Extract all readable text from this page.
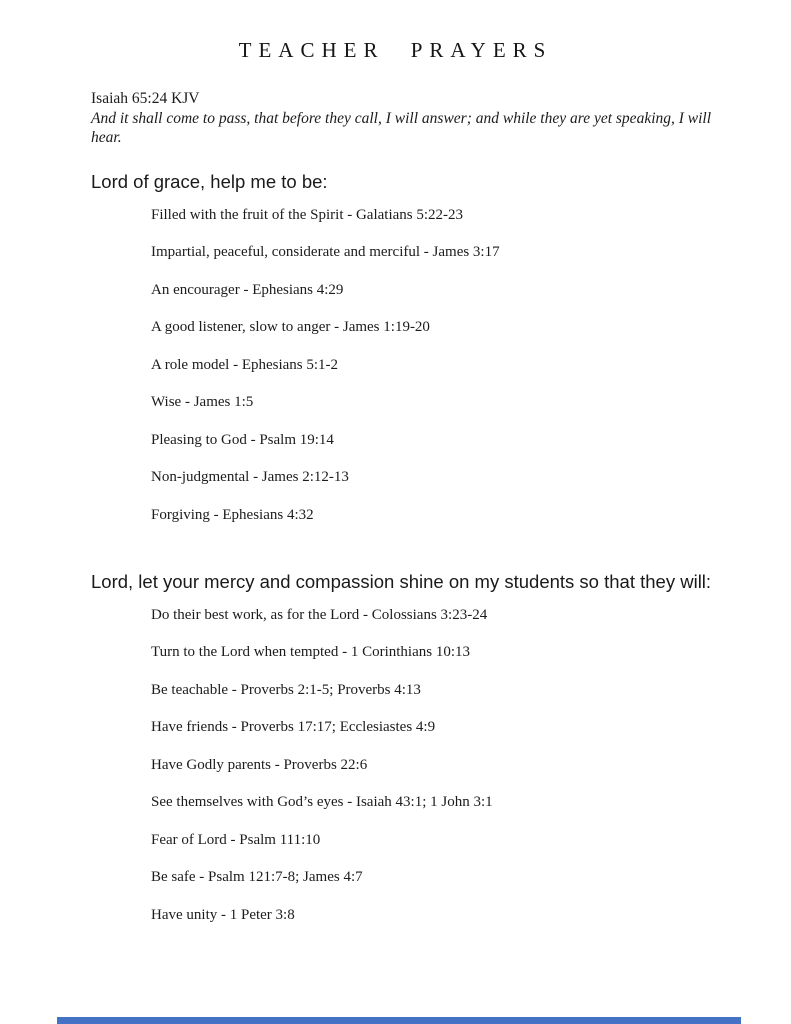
TEACHER PRAYERS
Isaiah 65:24 KJV
And it shall come to pass, that before they call, I will answer; and while they are yet speaking, I will hear.
Lord of grace, help me to be:
Filled with the fruit of the Spirit - Galatians 5:22-23
Impartial, peaceful, considerate and merciful - James 3:17
An encourager - Ephesians 4:29
A good listener, slow to anger - James 1:19-20
A role model - Ephesians 5:1-2
Wise - James 1:5
Pleasing to God - Psalm 19:14
Non-judgmental - James 2:12-13
Forgiving - Ephesians 4:32
Lord, let your mercy and compassion shine on my students so that they will:
Do their best work, as for the Lord - Colossians 3:23-24
Turn to the Lord when tempted - 1 Corinthians 10:13
Be teachable - Proverbs 2:1-5; Proverbs 4:13
Have friends - Proverbs 17:17; Ecclesiastes 4:9
Have Godly parents - Proverbs 22:6
See themselves with God’s eyes - Isaiah 43:1; 1 John 3:1
Fear of Lord - Psalm 111:10
Be safe - Psalm 121:7-8; James 4:7
Have unity - 1 Peter 3:8
